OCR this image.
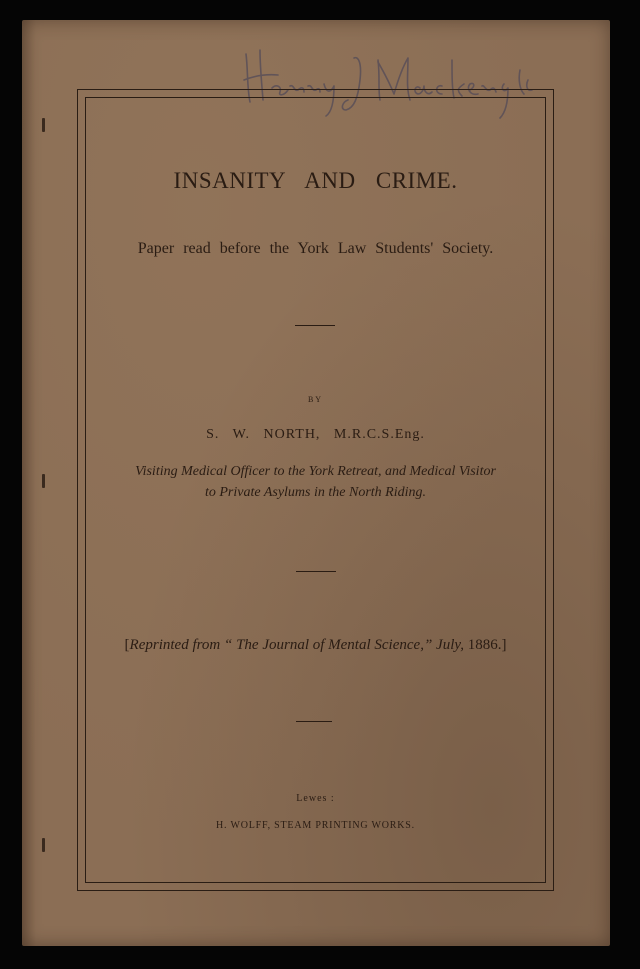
INSANITY AND CRIME.
Paper read before the York Law Students' Society.
BY
S. W. NORTH, M.R.C.S.Eng.
Visiting Medical Officer to the York Retreat, and Medical Visitor
to Private Asylums in the North Riding.
[Reprinted from “ The Journal of Mental Science,” July, 1886.]
Lewes :
H. WOLFF, STEAM PRINTING WORKS.
